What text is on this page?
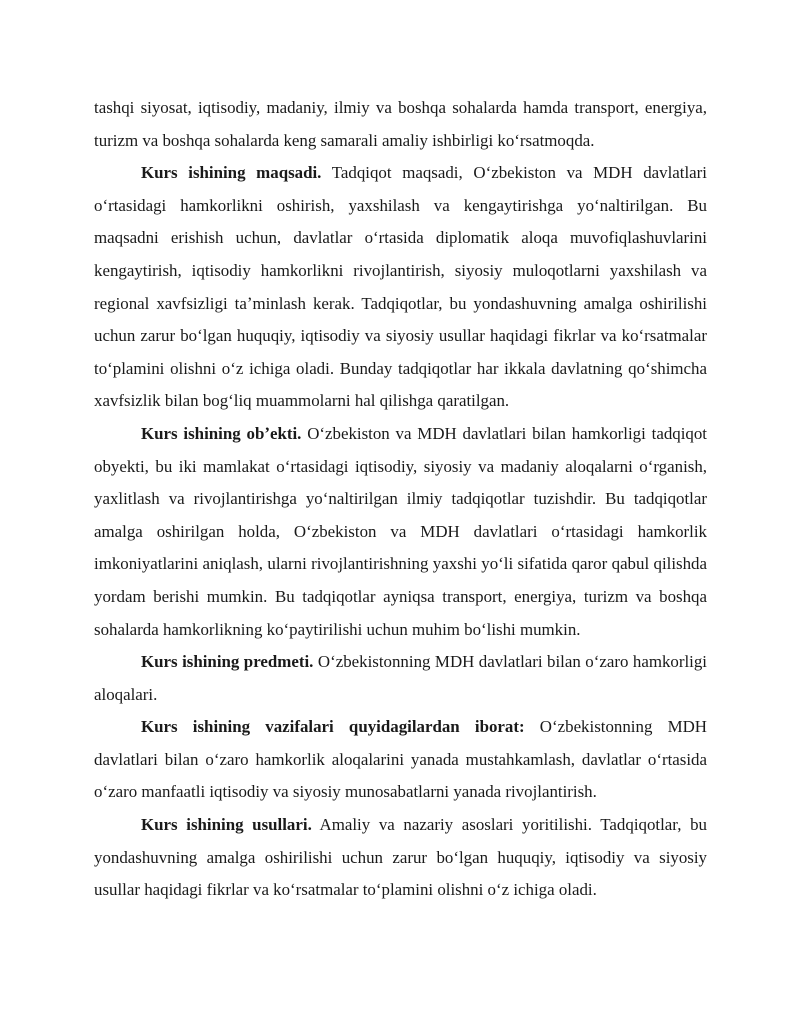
tashqi siyosat, iqtisodiy, madaniy, ilmiy va boshqa sohalarda hamda transport, energiya, turizm va boshqa sohalarda keng samarali amaliy ishbirligi koʻrsatmoqda.

Kurs ishining maqsadi. Tadqiqot maqsadi, Oʻzbekiston va MDH davlatlari oʻrtasidagi hamkorlikni oshirish, yaxshilash va kengaytirishga yoʻnaltirilgan. Bu maqsadni erishish uchun, davlatlar oʻrtasida diplomatik aloqa muvofiqlashuvlarini kengaytirish, iqtisodiy hamkorlikni rivojlantirish, siyosiy muloqotlarni yaxshilash va regional xavfsizligi taʼminlash kerak. Tadqiqotlar, bu yondashuvning amalga oshirilishi uchun zarur boʻlgan huquqiy, iqtisodiy va siyosiy usullar haqidagi fikrlar va koʻrsatmalar toʻplamini olishni oʻz ichiga oladi. Bunday tadqiqotlar har ikkala davlatning qoʻshimcha xavfsizlik bilan bogʻliq muammolarni hal qilishga qaratilgan.

Kurs ishining obʼekti. Oʻzbekiston va MDH davlatlari bilan hamkorligi tadqiqot obyekti, bu iki mamlakat oʻrtasidagi iqtisodiy, siyosiy va madaniy aloqalarni oʻrganish, yaxlitlash va rivojlantirishga yoʻnaltirilgan ilmiy tadqiqotlar tuzishdir. Bu tadqiqotlar amalga oshirilgan holda, Oʻzbekiston va MDH davlatlari oʻrtasidagi hamkorlik imkoniyatlarini aniqlash, ularni rivojlantirishning yaxshi yoʻli sifatida qaror qabul qilishda yordam berishi mumkin. Bu tadqiqotlar ayniqsa transport, energiya, turizm va boshqa sohalarda hamkorlikning koʻpaytirilishi uchun muhim boʻlishi mumkin.

Kurs ishining predmeti. Oʻzbekistonning MDH davlatlari bilan oʻzaro hamkorligi aloqalari.

Kurs ishining vazifalari quyidagilardan iborat: Oʻzbekistonning MDH davlatlari bilan oʻzaro hamkorlik aloqalarini yanada mustahkamlash, davlatlar oʻrtasida oʻzaro manfaatli iqtisodiy va siyosiy munosabatlarni yanada rivojlantirish.

Kurs ishining usullari. Amaliy va nazariy asoslari yoritilishi. Tadqiqotlar, bu yondashuvning amalga oshirilishi uchun zarur boʻlgan huquqiy, iqtisodiy va siyosiy usullar haqidagi fikrlar va koʻrsatmalar toʻplamini olishni oʻz ichiga oladi.
